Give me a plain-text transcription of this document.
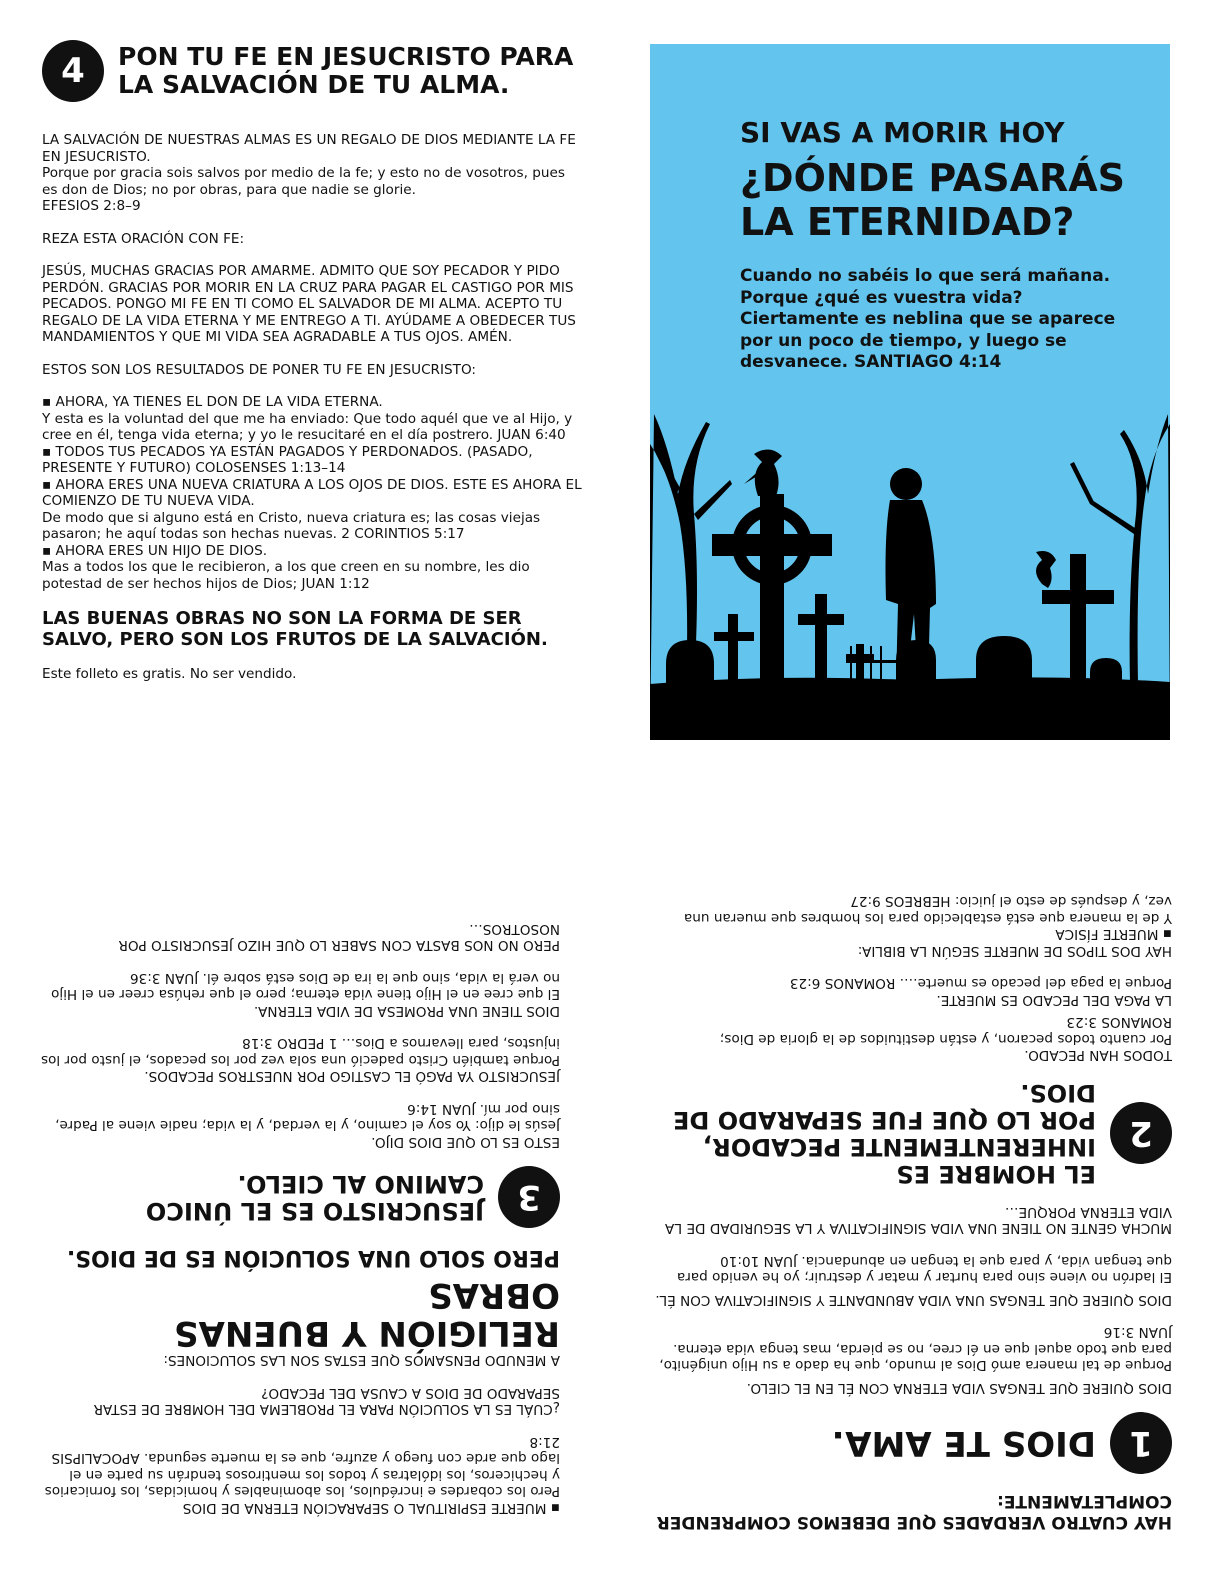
4	PON TU FE EN JESUCRISTO PARA LA SALVACIÓN DE TU ALMA.

LA SALVACIÓN DE NUESTRAS ALMAS ES UN REGALO DE DIOS MEDIANTE LA FE EN JESUCRISTO.

Porque por gracia sois salvos por medio de la fe; y esto no de vosotros, pues es don de Dios; no por obras, para que nadie se glorie.

EFESIOS 2:8–9

REZA ESTA ORACIÓN CON FE:

JESÚS, MUCHAS GRACIAS POR AMARME. ADMITO QUE SOY PECADOR Y PIDO PERDÓN. GRACIAS POR MORIR EN LA CRUZ PARA PAGAR EL CASTIGO POR MIS PECADOS. PONGO MI FE EN TI COMO EL SALVADOR DE MI ALMA. ACEPTO TU REGALO DE LA VIDA ETERNA Y ME ENTREGO A TI. AYÚDAME A OBEDECER TUS MANDAMIENTOS Y QUE MI VIDA SEA AGRADABLE A TUS OJOS. AMÉN.

ESTOS SON LOS RESULTADOS DE PONER TU FE EN JESUCRISTO:

▪ AHORA, YA TIENES EL DON DE LA VIDA ETERNA.

Y esta es la voluntad del que me ha enviado: Que todo aquél que ve al Hijo, y cree en él, tenga vida eterna; y yo le resucitaré en el día postrero. JUAN 6:40

▪ TODOS TUS PECADOS YA ESTÁN PAGADOS Y PERDONADOS. (PASADO, PRESENTE Y FUTURO) COLOSENSES 1:13–14

▪ AHORA ERES UNA NUEVA CRIATURA A LOS OJOS DE DIOS. ESTE ES AHORA EL COMIENZO DE TU NUEVA VIDA.

De modo que si alguno está en Cristo, nueva criatura es; las cosas viejas pasaron; he aquí todas son hechas nuevas. 2 CORINTIOS 5:17

▪ AHORA ERES UN HIJO DE DIOS.

Mas a todos los que le recibieron, a los que creen en su nombre, les dio potestad de ser hechos hijos de Dios; JUAN 1:12

LAS BUENAS OBRAS NO SON LA FORMA DE SER SALVO, PERO SON LOS FRUTOS DE LA SALVACIÓN.

Este folleto es gratis. No ser vendido.

SI VAS A MORIR HOY
¿DÓNDE PASARÁS LA ETERNIDAD?
Cuando no sabéis lo que será mañana. Porque ¿qué es vuestra vida? Ciertamente es neblina que se aparece por un poco de tiempo, y luego se desvanece. SANTIAGO 4:14

▪ MUERTE ESPIRITUAL O SEPARACIÓN ETERNA DE DIOS

Pero los cobardes e incrédulos, los abominables y homicidas, los fornicarios y hechiceros, los idólatras y todos los mentirosos tendrán su parte en el lago que arde con fuego y azufre, que es la muerte segunda. APOCALIPSIS 21:8

¿CUÁL ES LA SOLUCIÓN PARA EL PROBLEMA DEL HOMBRE DE ESTAR SEPARADO DE DIOS A CAUSA DEL PECADO?

A MENUDO PENSAMOS QUE ESTAS SON LAS SOLUCIONES:

RELIGIÓN Y BUENAS OBRAS

PERO SOLO UNA SOLUCIÓN ES DE DIOS.

3
JESUCRISTO ES EL ÚNICO CAMINO AL CIELO.

ESTO ES LO QUE DIOS DIJO.

Jesús le dijo: Yo soy el camino, y la verdad, y la vida; nadie viene al Padre, sino por mí. JUAN 14:6

JESUCRISTO YA PAGÓ EL CASTIGO POR NUESTROS PECADOS.

Porque también Cristo padeció una sola vez por los pecados, el justo por los injustos, para llevarnos a Dios… 1 PEDRO 3:18

DIOS TIENE UNA PROMESA DE VIDA ETERNA.

El que cree en el Hijo tiene vida eterna; pero el que rehúsa creer en el Hijo no verá la vida, sino que la ira de Dios está sobre él. JUAN 3:36

PERO NO NOS BASTA CON SABER LO QUE HIZO JESUCRISTO POR NOSOTROS…

HAY CUATRO VERDADES QUE DEBEMOS COMPRENDER COMPLETAMENTE:

1
DIOS TE AMA.

DIOS QUIERE QUE TENGAS VIDA ETERNA CON ÉL EN EL CIELO.

Porque de tal manera amó Dios al mundo, que ha dado a su Hijo unigénito, para que todo aquel que en él cree, no se pierda, mas tenga vida eterna. JUAN 3:16

DIOS QUIERE QUE TENGAS UNA VIDA ABUNDANTE Y SIGNIFICATIVA CON ÉL.

El ladrón no viene sino para hurtar y matar y destruir; yo he venido para que tengan vida, y para que la tengan en abundancia. JUAN 10:10

MUCHA GENTE NO TIENE UNA VIDA SIGNIFICATIVA Y LA SEGURIDAD DE LA VIDA ETERNA PORQUE…

2
EL HOMBRE ES INHERENTEMENTE PECADOR, POR LO QUE FUE SEPARADO DE DIOS.

TODOS HAN PECADO.

Por cuanto todos pecaron, y están destituidos de la gloria de Dios; ROMANOS 3:23

LA PAGA DEL PECADO ES MUERTE.

Porque la paga del pecado es muerte…. ROMANOS 6:23

HAY DOS TIPOS DE MUERTE SEGÚN LA BIBLIA:

▪ MUERTE FÍSICA

Y de la manera que está establecido para los hombres que mueran una vez, y después de esto el juicio: HEBREOS 9:27
